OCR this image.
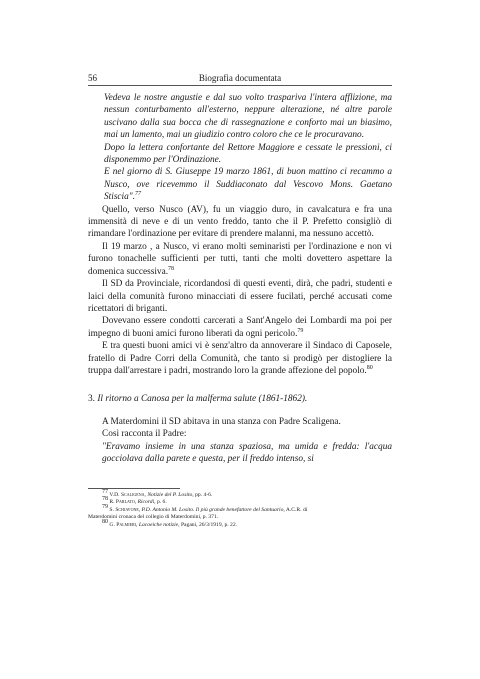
56	Biografia documentata

Vedeva le nostre angustie e dal suo volto trasparivа l'intera afflizione, ma nessun conturbamento all'esterno, neppure alterazione, né altre parole uscivano dalla sua bocca che di rassegnazione e conforto mai un biasimo, mai un lamento, mai un giudizio contro coloro che ce le procuravano.

Dopo la lettera confortante del Rettore Maggiore e cessate le pressioni, ci disponemmo per l'Ordinazione.

E nel giorno di S. Giuseppe 19 marzo 1861, di buon mattino ci recammo a Nusco, ove ricevemmo il Suddiaconato dal Vescovo Mons. Gaetano Stiscia".$^{77}$

Quello, verso Nusco (AV), fu un viaggio duro, in cavalcatura e fra una immensità di neve e di un vento freddo, tanto che il P. Prefetto consigliò di rimandare l'ordinazione per evitare di prendere malanni, ma nessuno accettò.

Il 19 marzo , a Nusco, vi erano molti seminaristi per l'ordinazione e non vi furono tonachelle sufficienti per tutti, tanti che molti dovettero aspettare la domenica successiva.$^{78}$

Il SD da Provinciale, ricordandosi di questi eventi, dirà, che padri, studenti e laici della comunità furono minacciati di essere fucilati, perché accusati come ricettatori di briganti.

Dovevano essere condotti carcerati a Sant'Angelo dei Lombardi ma poi per impegno di buoni amici furono liberati da ogni pericolo.$^{79}$

E tra questi buoni amici vi è senz'altro da annoverare il Sindaco di Caposele, fratello di Padre Corri della Comunità, che tanto si prodigò per distogliere la truppa dall'arrestare i padri, mostrando loro la grande affezione del popolo.$^{80}$

3. Il ritorno a Canosa per la malferma salute (1861-1862).

A Materdomini il SD abitava in una stanza con Padre Scaligena.

Così racconta il Padre:

"Eravamo insieme in una stanza spaziosa, ma umida e fredda: l'acqua gocciolava dalla parete e questa, per il freddo intenso, si

$^{77}$ V.D. Scaligena, Notizie del P. Losito, pp. 4-6.

$^{78}$ R. Parlato, Ricordi, p. 6.

$^{79}$ S. Schiavone, P.D. Antonio M. Losito. Il più grande benefattore del Santuario, A.C.R. di

Materdomini cronaca del collegio di Materdomini, p. 371.

$^{80}$ G. Palmieri, Lacoeiche notizie, Pagani, 26/3/1919, p. 22.
